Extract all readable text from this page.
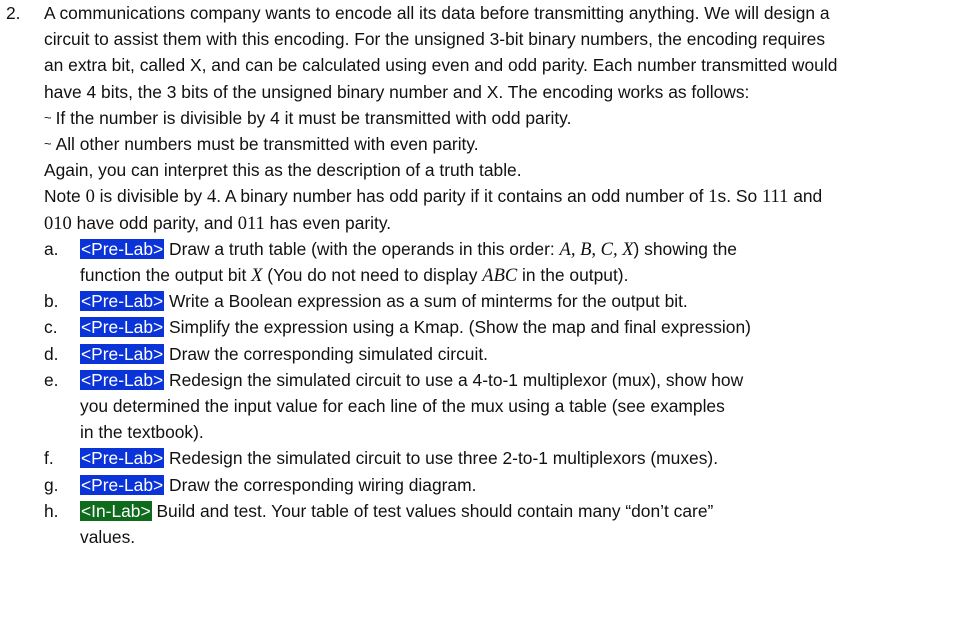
2. A communications company wants to encode all its data before transmitting anything. We will design a
circuit to assist them with this encoding. For the unsigned 3-bit binary numbers, the encoding requires
an extra bit, called X, and can be calculated using even and odd parity. Each number transmitted would
have 4 bits, the 3 bits of the unsigned binary number and X. The encoding works as follows:
~ If the number is divisible by 4 it must be transmitted with odd parity.
~ All other numbers must be transmitted with even parity.
Again, you can interpret this as the description of a truth table.
Note 0 is divisible by 4. A binary number has odd parity if it contains an odd number of 1s. So 111 and
010 have odd parity, and 011 has even parity.
a. <Pre-Lab> Draw a truth table (with the operands in this order: A, B, C, X) showing the
function the output bit X (You do not need to display ABC in the output).
b. <Pre-Lab> Write a Boolean expression as a sum of minterms for the output bit.
c. <Pre-Lab> Simplify the expression using a Kmap. (Show the map and final expression)
d. <Pre-Lab> Draw the corresponding simulated circuit.
e. <Pre-Lab> Redesign the simulated circuit to use a 4-to-1 multiplexor (mux), show how
you determined the input value for each line of the mux using a table (see examples
in the textbook).
f. <Pre-Lab> Redesign the simulated circuit to use three 2-to-1 multiplexors (muxes).
g. <Pre-Lab> Draw the corresponding wiring diagram.
h. <In-Lab> Build and test. Your table of test values should contain many “don’t care”
values.
